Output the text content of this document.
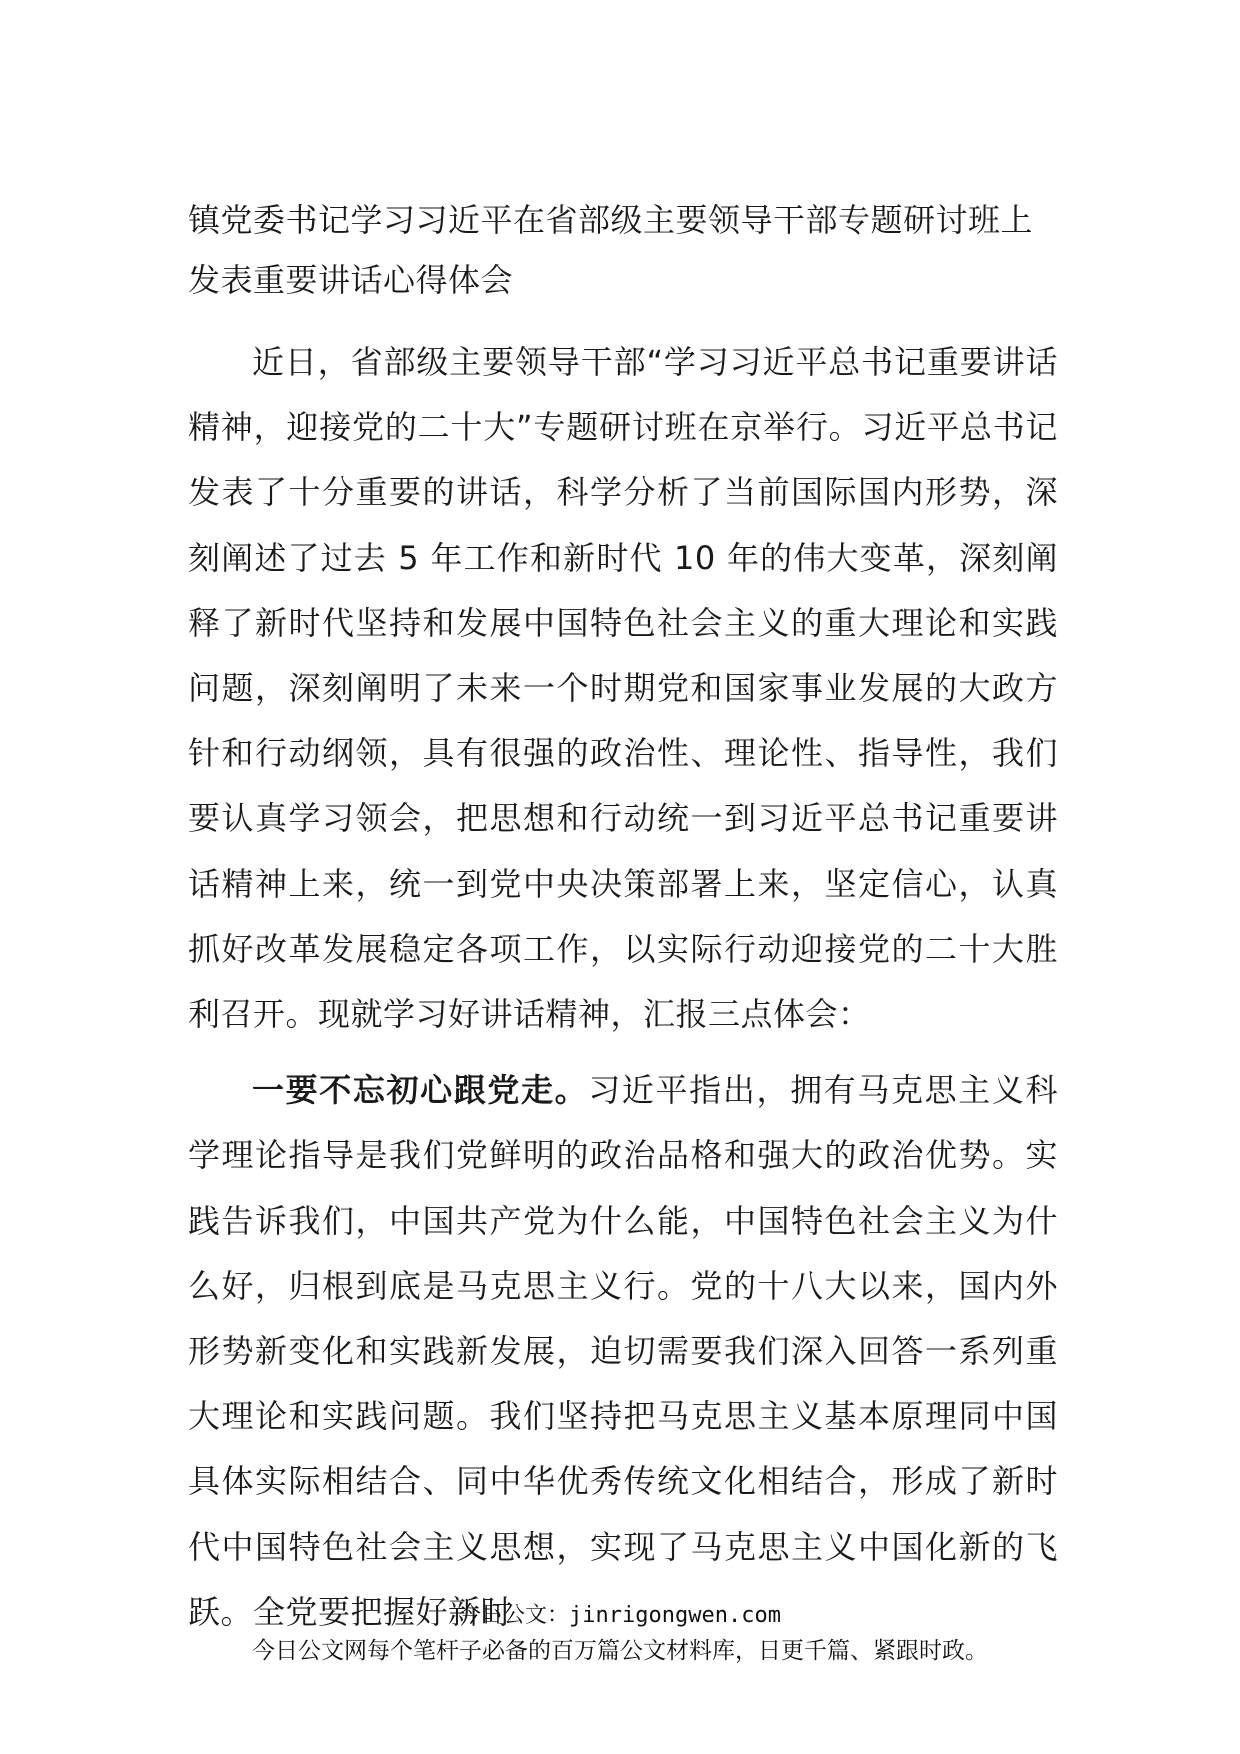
镇党委书记学习习近平在省部级主要领导干部专题研讨班上发表重要讲话心得体会

近日，省部级主要领导干部“学习习近平总书记重要讲话精神，迎接党的二十大”专题研讨班在京举行。习近平总书记发表了十分重要的讲话，科学分析了当前国际国内形势，深刻阐述了过去 5 年工作和新时代 10 年的伟大变革，深刻阐释了新时代坚持和发展中国特色社会主义的重大理论和实践问题，深刻阐明了未来一个时期党和国家事业发展的大政方针和行动纲领，具有很强的政治性、理论性、指导性，我们要认真学习领会，把思想和行动统一到习近平总书记重要讲话精神上来，统一到党中央决策部署上来，坚定信心，认真抓好改革发展稳定各项工作，以实际行动迎接党的二十大胜利召开。现就学习好讲话精神，汇报三点体会：

一要不忘初心跟党走。习近平指出，拥有马克思主义科学理论指导是我们党鲜明的政治品格和强大的政治优势。实践告诉我们，中国共产党为什么能，中国特色社会主义为什么好，归根到底是马克思主义行。党的十八大以来，国内外形势新变化和实践新发展，迫切需要我们深入回答一系列重大理论和实践问题。我们坚持把马克思主义基本原理同中国具体实际相结合、同中华优秀传统文化相结合，形成了新时代中国特色社会主义思想，实现了马克思主义中国化新的飞跃。全党要把握好新时

今日公文：jinrigongwen.com
今日公文网每个笔杆子必备的百万篇公文材料库，日更千篇、紧跟时政。
